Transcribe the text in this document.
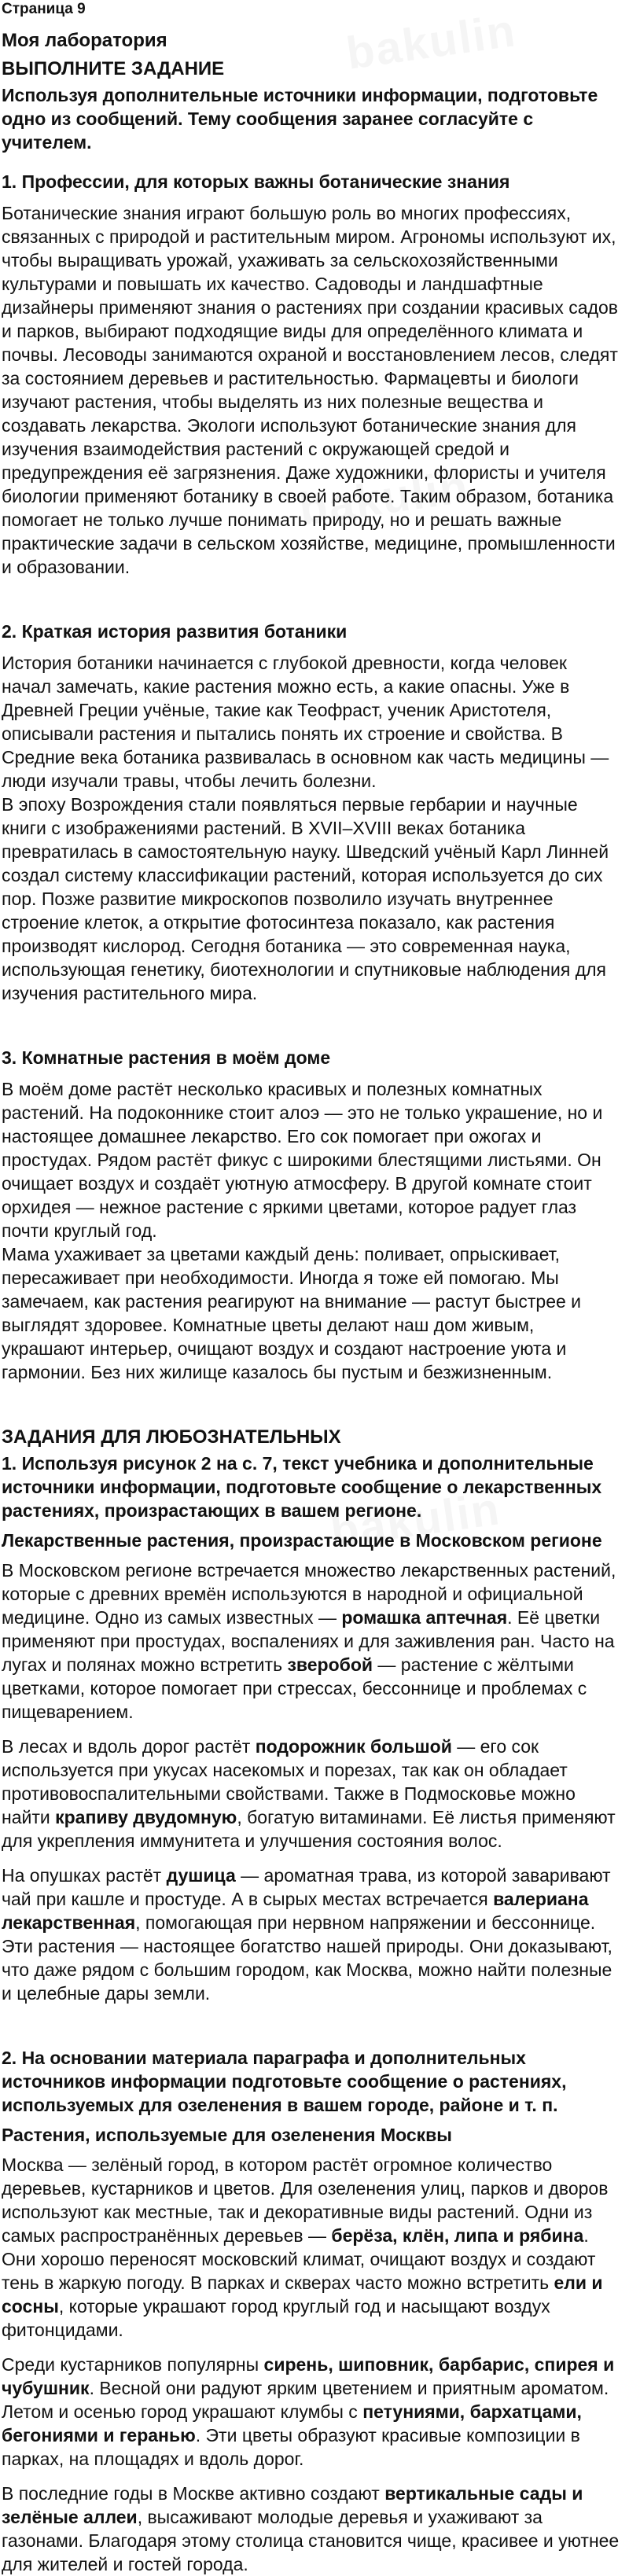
Страница 9
Моя лаборатория
ВЫПОЛНИТЕ ЗАДАНИЕ
Используя дополнительные источники информации, подготовьте одно из сообщений. Тему сообщения заранее согласуйте с учителем.
1. Профессии, для которых важны ботанические знания

Ботанические знания играют большую роль во многих профессиях, связанных с природой и растительным миром. Агрономы используют их, чтобы выращивать урожай, ухаживать за сельскохозяйственными культурами и повышать их качество. Садоводы и ландшафтные дизайнеры применяют знания о растениях при создании красивых садов и парков, выбирают подходящие виды для определённого климата и почвы. Лесоводы занимаются охраной и восстановлением лесов, следят за состоянием деревьев и растительностью. Фармацевты и биологи изучают растения, чтобы выделять из них полезные вещества и создавать лекарства. Экологи используют ботанические знания для изучения взаимодействия растений с окружающей средой и предупреждения её загрязнения. Даже художники, флористы и учителя биологии применяют ботанику в своей работе. Таким образом, ботаника помогает не только лучше понимать природу, но и решать важные практические задачи в сельском хозяйстве, медицине, промышленности и образовании.

2. Краткая история развития ботаники

История ботаники начинается с глубокой древности, когда человек начал замечать, какие растения можно есть, а какие опасны. Уже в Древней Греции учёные, такие как Теофраст, ученик Аристотеля, описывали растения и пытались понять их строение и свойства. В Средние века ботаника развивалась в основном как часть медицины — люди изучали травы, чтобы лечить болезни.

В эпоху Возрождения стали появляться первые гербарии и научные книги с изображениями растений. В XVII–XVIII веках ботаника превратилась в самостоятельную науку. Шведский учёный Карл Линней создал систему классификации растений, которая используется до сих пор. Позже развитие микроскопов позволило изучать внутреннее строение клеток, а открытие фотосинтеза показало, как растения производят кислород. Сегодня ботаника — это современная наука, использующая генетику, биотехнологии и спутниковые наблюдения для изучения растительного мира.

3. Комнатные растения в моём доме

В моём доме растёт несколько красивых и полезных комнатных растений. На подоконнике стоит алоэ — это не только украшение, но и настоящее домашнее лекарство. Его сок помогает при ожогах и простудах. Рядом растёт фикус с широкими блестящими листьями. Он очищает воздух и создаёт уютную атмосферу. В другой комнате стоит орхидея — нежное растение с яркими цветами, которое радует глаз почти круглый год.

Мама ухаживает за цветами каждый день: поливает, опрыскивает, пересаживает при необходимости. Иногда я тоже ей помогаю. Мы замечаем, как растения реагируют на внимание — растут быстрее и выглядят здоровее. Комнатные цветы делают наш дом живым, украшают интерьер, очищают воздух и создают настроение уюта и гармонии. Без них жилище казалось бы пустым и безжизненным.

ЗАДАНИЯ ДЛЯ ЛЮБОЗНАТЕЛЬНЫХ
1. Используя рисунок 2 на с. 7, текст учебника и дополнительные источники информации, подготовьте сообщение о лекарственных растениях, произрастающих в вашем регионе.
Лекарственные растения, произрастающие в Московском регионе

В Московском регионе встречается множество лекарственных растений, которые с древних времён используются в народной и официальной медицине. Одно из самых известных — ромашка аптечная. Её цветки применяют при простудах, воспалениях и для заживления ран. Часто на лугах и полянах можно встретить зверобой — растение с жёлтыми цветками, которое помогает при стрессах, бессоннице и проблемах с пищеварением.

В лесах и вдоль дорог растёт подорожник большой — его сок используется при укусах насекомых и порезах, так как он обладает противовоспалительными свойствами. Также в Подмосковье можно найти крапиву двудомную, богатую витаминами. Её листья применяют для укрепления иммунитета и улучшения состояния волос.

На опушках растёт душица — ароматная трава, из которой заваривают чай при кашле и простуде. А в сырых местах встречается валериана лекарственная, помогающая при нервном напряжении и бессоннице.

Эти растения — настоящее богатство нашей природы. Они доказывают, что даже рядом с большим городом, как Москва, можно найти полезные и целебные дары земли.

2. На основании материала параграфа и дополнительных источников информации подготовьте сообщение о растениях, используемых для озеленения в вашем городе, районе и т. п.
Растения, используемые для озеленения Москвы

Москва — зелёный город, в котором растёт огромное количество деревьев, кустарников и цветов. Для озеленения улиц, парков и дворов используют как местные, так и декоративные виды растений. Одни из самых распространённых деревьев — берёза, клён, липа и рябина. Они хорошо переносят московский климат, очищают воздух и создают тень в жаркую погоду. В парках и скверах часто можно встретить ели и сосны, которые украшают город круглый год и насыщают воздух фитонцидами.

Среди кустарников популярны сирень, шиповник, барбарис, спирея и чубушник. Весной они радуют ярким цветением и приятным ароматом. Летом и осенью город украшают клумбы с петуниями, бархатцами, бегониями и геранью. Эти цветы образуют красивые композиции в парках, на площадях и вдоль дорог.

В последние годы в Москве активно создают вертикальные сады и зелёные аллеи, высаживают молодые деревья и ухаживают за газонами. Благодаря этому столица становится чище, красивее и уютнее для жителей и гостей города.
